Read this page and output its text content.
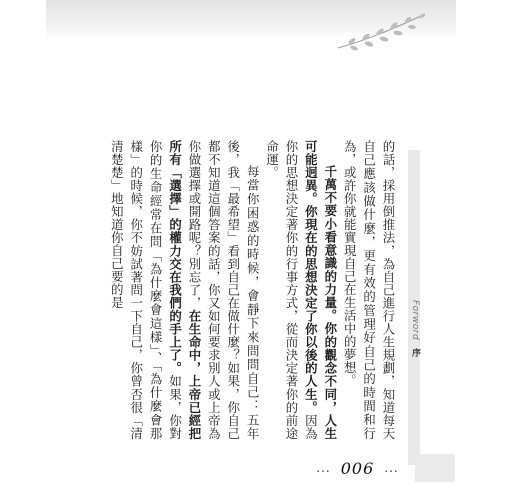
Forword 序
... 006 ...

的話，採用倒推法，為自己進行人生規劃，知道每天自己應該做什麼，更有效的管理好自己的時間和行為，或許你就能實現自己在生活中的夢想。

千萬不要小看意識的力量。你的觀念不同，人生可能迥異。你現在的思想決定了你以後的人生。因為你的思想決定著你的行事方式，從而決定著你的前途命運。

每當你困惑的時候，會靜下來問問自己：五年後，我「最希望」看到自己在做什麼？如果，你自己都不知道這個答案的話，你又如何要求別人或上帝為你做選擇或開路呢？別忘了，在生命中，上帝已經把所有「選擇」的權力交在我們的手上了。如果，你對你的生命經常在問「為什麼會這樣」、「為什麼會那樣」的時候，你不妨試著問一下自己，你曾否很「清清楚楚」地知道你自己要的是
